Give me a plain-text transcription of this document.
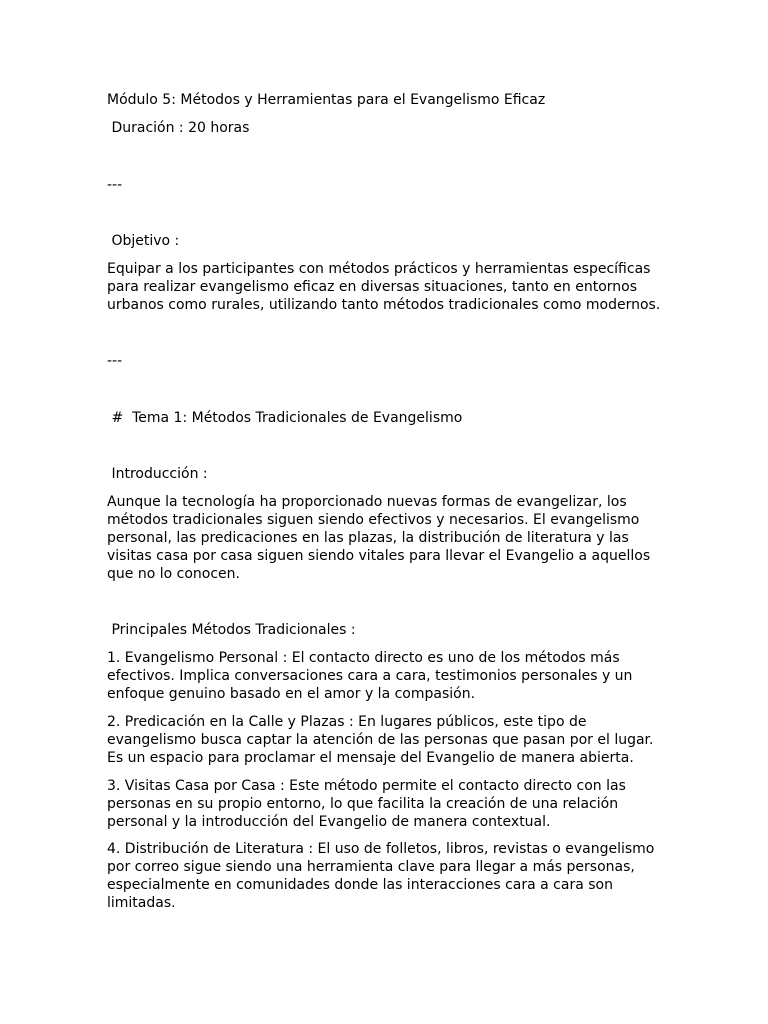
Módulo 5: Métodos y Herramientas para el Evangelismo Eficaz

Duración : 20 horas

---

Objetivo :

Equipar a los participantes con métodos prácticos y herramientas específicas para realizar evangelismo eficaz en diversas situaciones, tanto en entornos urbanos como rurales, utilizando tanto métodos tradicionales como modernos.

---

#  Tema 1: Métodos Tradicionales de Evangelismo

Introducción :

Aunque la tecnología ha proporcionado nuevas formas de evangelizar, los métodos tradicionales siguen siendo efectivos y necesarios. El evangelismo personal, las predicaciones en las plazas, la distribución de literatura y las visitas casa por casa siguen siendo vitales para llevar el Evangelio a aquellos que no lo conocen.

Principales Métodos Tradicionales :

1. Evangelismo Personal : El contacto directo es uno de los métodos más efectivos. Implica conversaciones cara a cara, testimonios personales y un enfoque genuino basado en el amor y la compasión.

2. Predicación en la Calle y Plazas : En lugares públicos, este tipo de evangelismo busca captar la atención de las personas que pasan por el lugar. Es un espacio para proclamar el mensaje del Evangelio de manera abierta.

3. Visitas Casa por Casa : Este método permite el contacto directo con las personas en su propio entorno, lo que facilita la creación de una relación personal y la introducción del Evangelio de manera contextual.

4. Distribución de Literatura : El uso de folletos, libros, revistas o evangelismo por correo sigue siendo una herramienta clave para llegar a más personas, especialmente en comunidades donde las interacciones cara a cara son limitadas.
